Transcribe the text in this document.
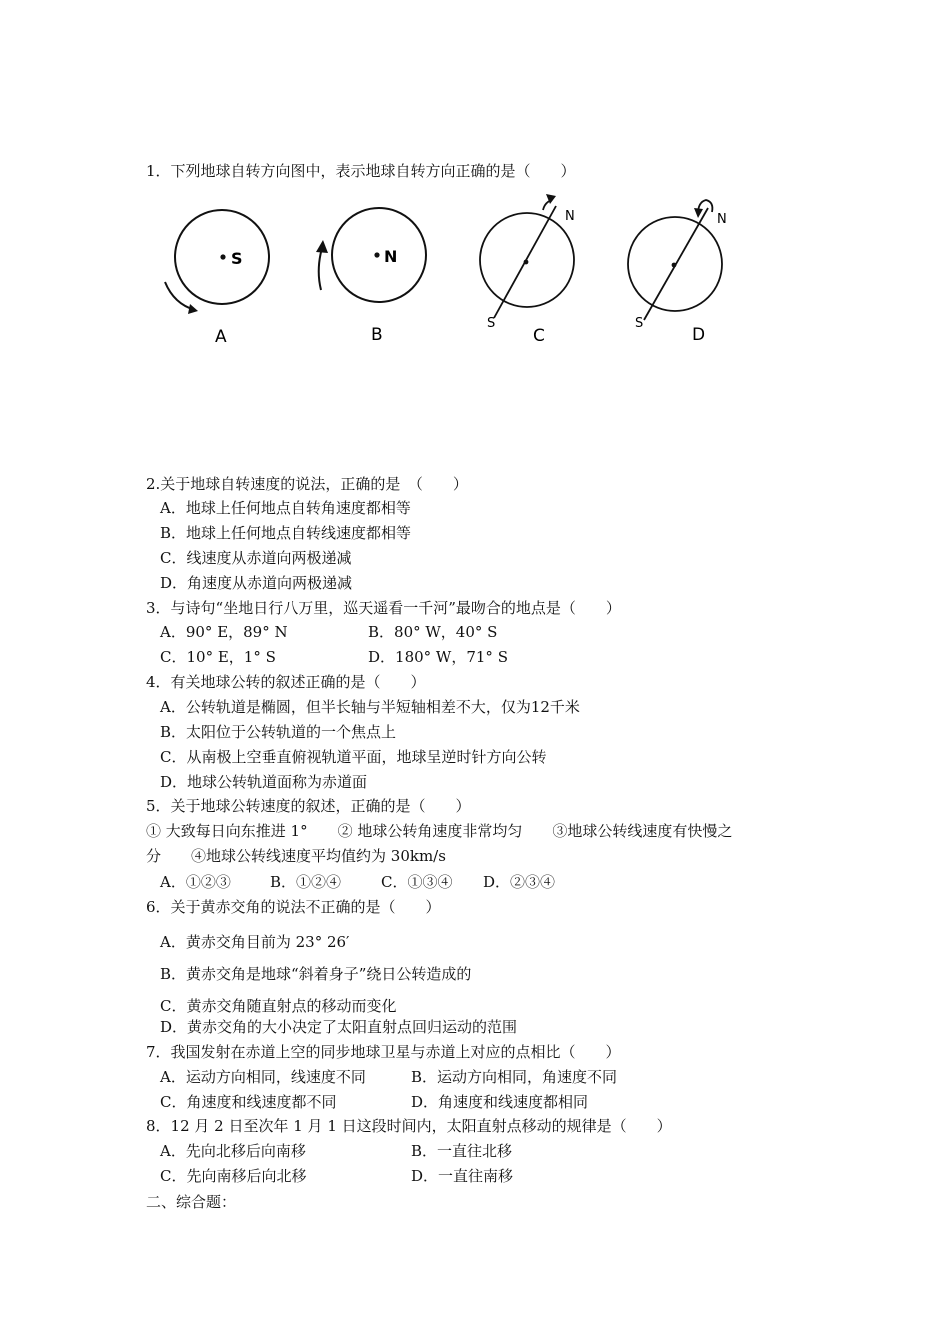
1．下列地球自转方向图中，表示地球自转方向正确的是（　　）
S
A
N
B
N
S
C
N
S
D
2.关于地球自转速度的说法，正确的是　（　　）
A．地球上任何地点自转角速度都相等
B．地球上任何地点自转线速度都相等
C．线速度从赤道向两极递减
D．角速度从赤道向两极递减
3．与诗句“坐地日行八万里，巡天遥看一千河”最吻合的地点是（　　）
A．90° E，89° N	B．80° W，40° S
C．10° E，1° S	D．180° W，71° S
4．有关地球公转的叙述正确的是（　　）
A．公转轨道是椭圆，但半长轴与半短轴相差不大，仅为12千米
B．太阳位于公转轨道的一个焦点上
C．从南极上空垂直俯视轨道平面，地球呈逆时针方向公转
D．地球公转轨道面称为赤道面
5．关于地球公转速度的叙述，正确的是（　　）
① 大致每日向东推进 1°　　② 地球公转角速度非常均匀　　③地球公转线速度有快慢之
分　　④地球公转线速度平均值约为 30km/s
A．①②③	B．①②④	C．①③④ D．②③④
6．关于黄赤交角的说法不正确的是（　　）
A．黄赤交角目前为 23° 26′
B．黄赤交角是地球“斜着身子”绕日公转造成的
C．黄赤交角随直射点的移动而变化
D．黄赤交角的大小决定了太阳直射点回归运动的范围
7．我国发射在赤道上空的同步地球卫星与赤道上对应的点相比（　　）
A．运动方向相同，线速度不同	B．运动方向相同，角速度不同
C．角速度和线速度都不同	D．角速度和线速度都相同
8．12 月 2 日至次年 1 月 1 日这段时间内，太阳直射点移动的规律是（　　）
A．先向北移后向南移	B．一直往北移
C．先向南移后向北移	D．一直往南移
二、综合题：
